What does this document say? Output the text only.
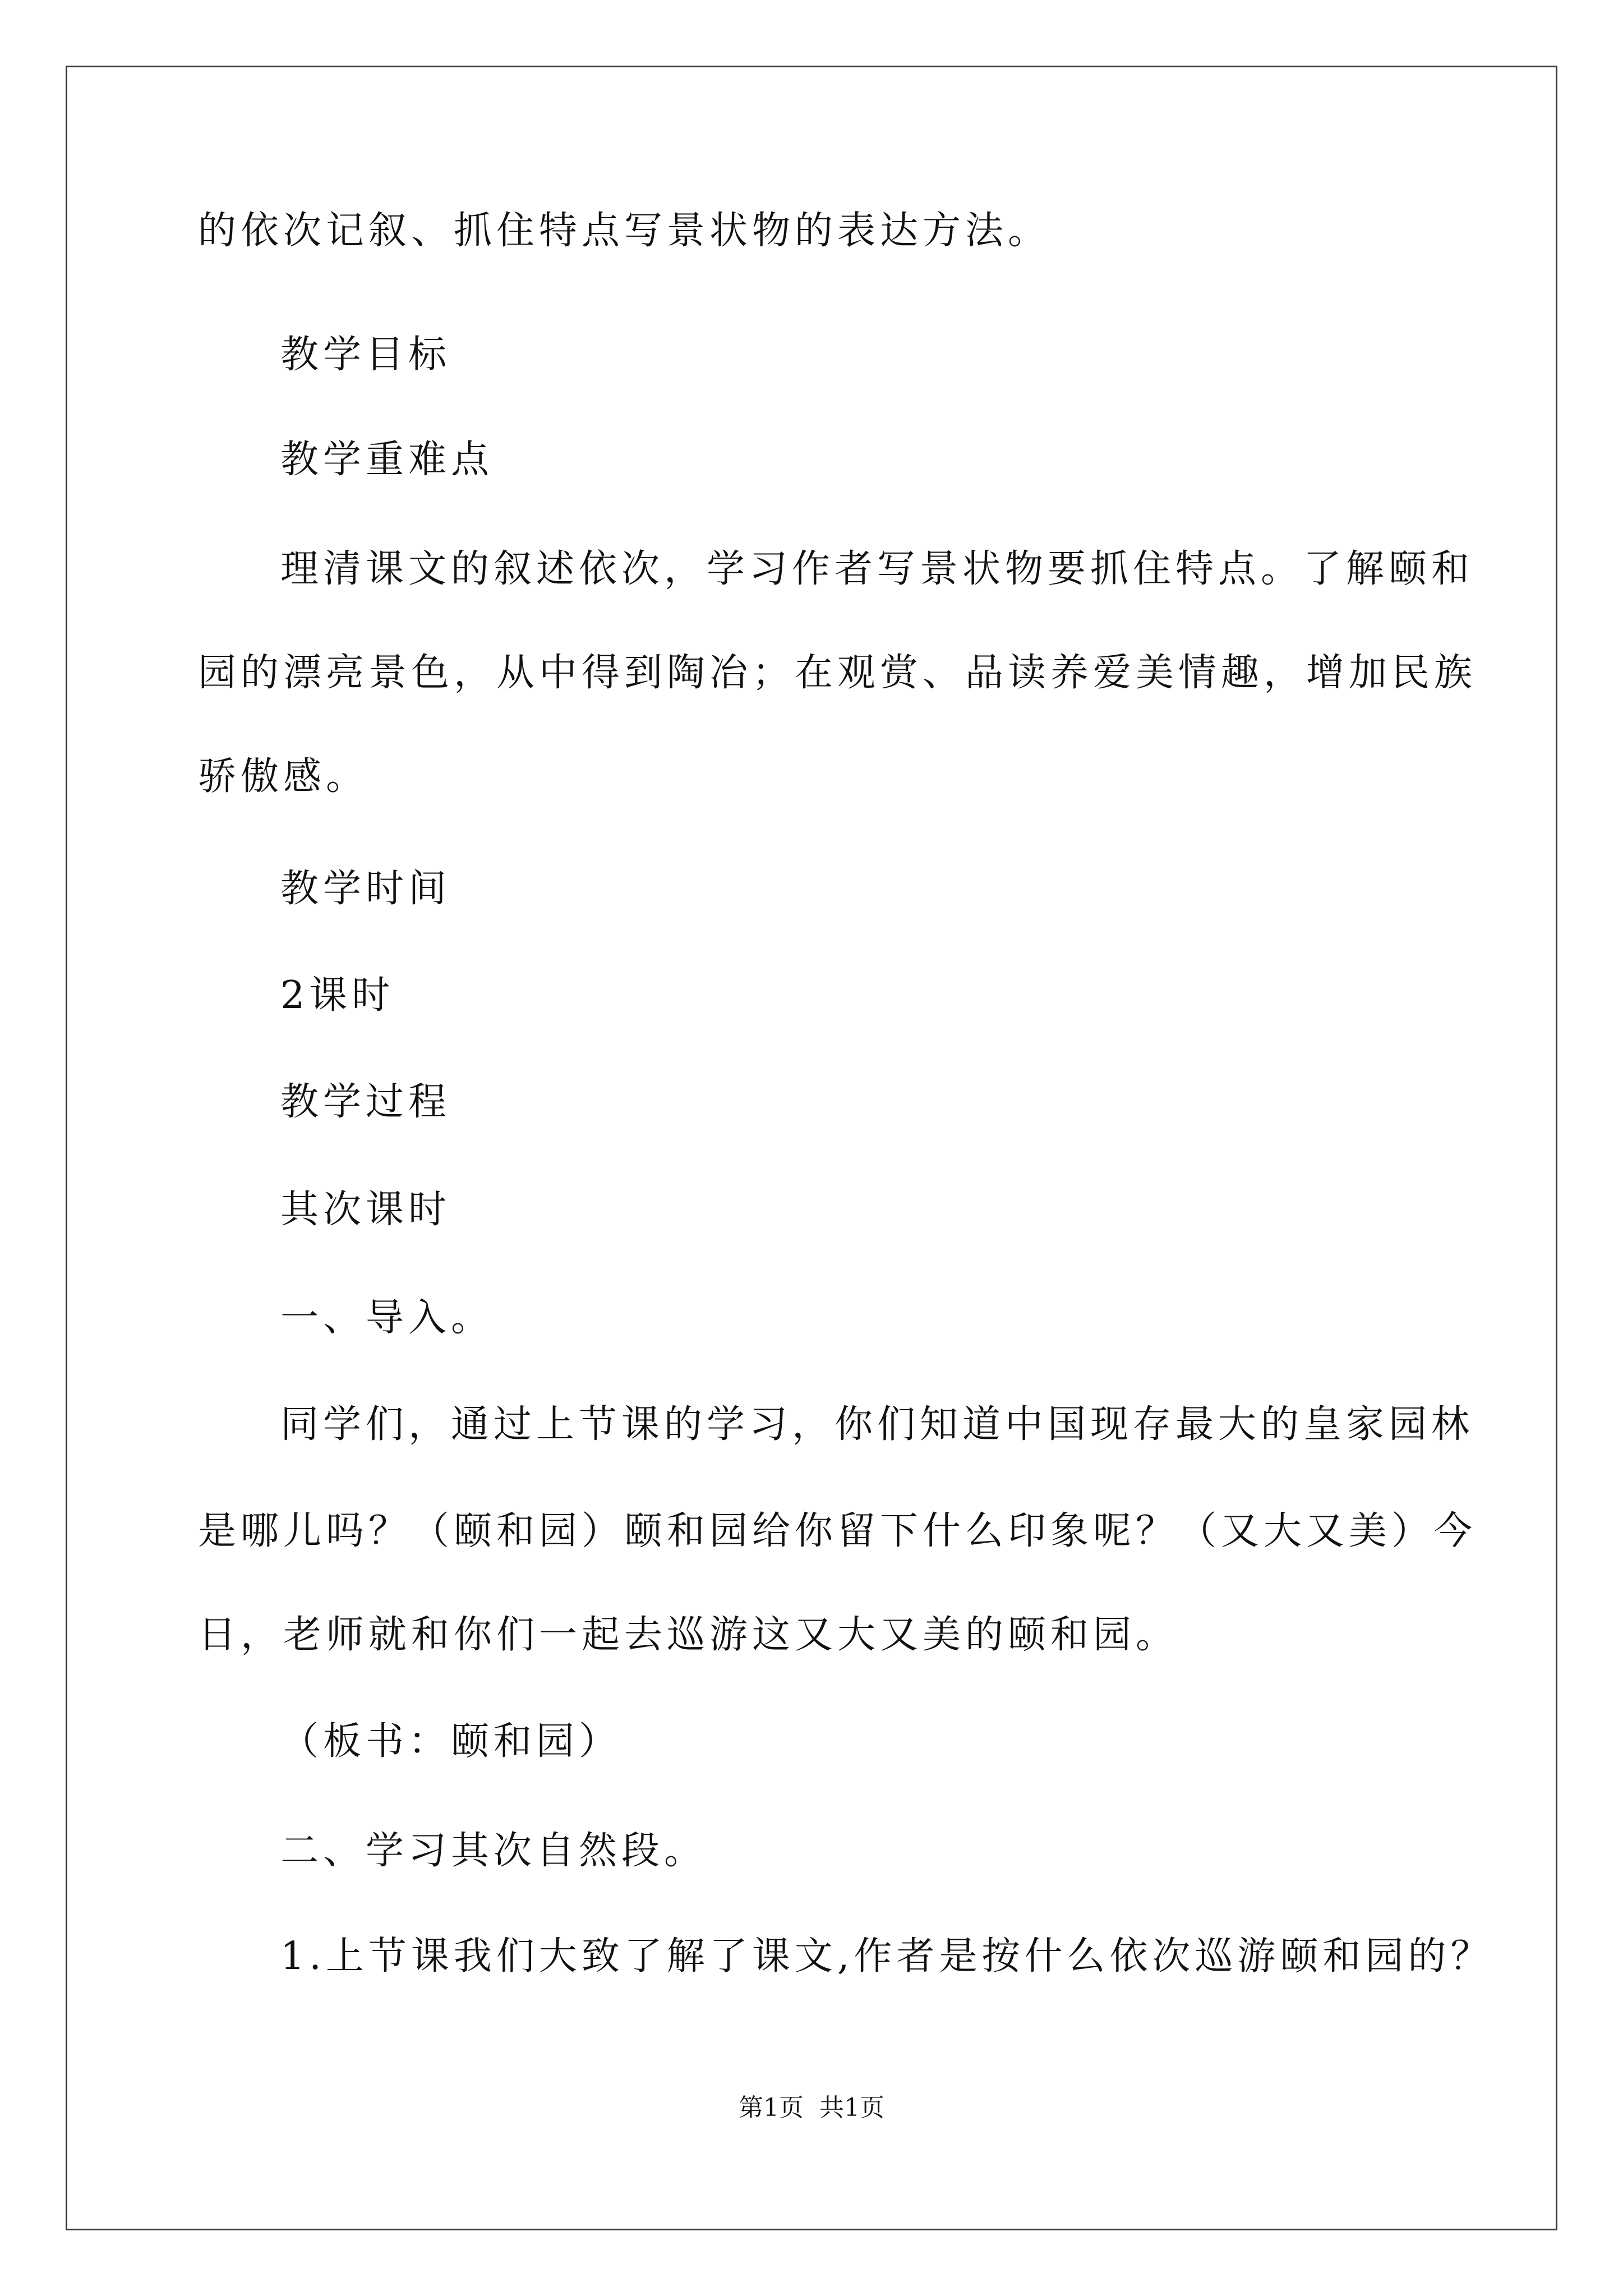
的依次记叙、抓住特点写景状物的表达方法。
教学目标
教学重难点
理清课文的叙述依次，学习作者写景状物要抓住特点。了解颐和
园的漂亮景色，从中得到陶冶；在观赏、品读养爱美情趣，增加民族
骄傲感。
教学时间
2课时
教学过程
其次课时
一、导入。
同学们，通过上节课的学习，你们知道中国现存最大的皇家园林
是哪儿吗？（颐和园）颐和园给你留下什么印象呢？（又大又美）今
日，老师就和你们一起去巡游这又大又美的颐和园。
（板书：颐和园）
二、学习其次自然段。
1.上节课我们大致了解了课文,作者是按什么依次巡游颐和园的？
第1页 共1页
